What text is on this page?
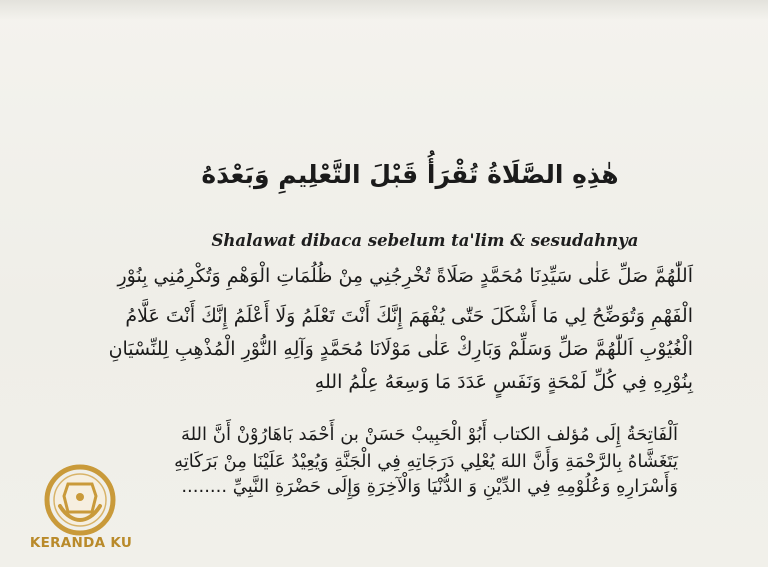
هٰذِهِ الصَّلَاةُ تُقْرَأُ قَبْلَ التَّعْلِيمِ وَبَعْدَهُ
Shalawat dibaca sebelum ta'lim & sesudahnya
اَللّٰهُمَّ صَلِّ عَلٰى سَيِّدِنَا مُحَمَّدٍ صَلَاةً تُخْرِجُنِي مِنْ ظُلُمَاتِ الْوَهْمِ وَتُكْرِمُنِي بِنُوْرِ
الْفَهْمِ وَتُوَضِّحُ لِي مَا أَشْكَلَ حَتّٰى يُفْهَمَ إِنَّكَ أَنْتَ تَعْلَمُ وَلَا أَعْلَمُ إِنَّكَ أَنْتَ عَلَّامُ
الْغُيُوْبِ اَللّٰهُمَّ صَلِّ وَسَلِّمْ وَبَارِكْ عَلٰى مَوْلَانَا مُحَمَّدٍ وَآلِهِ النُّوْرِ الْمُذْهِبِ لِلنِّسْيَانِ
بِنُوْرِهِ فِي كُلِّ لَمْحَةٍ وَنَفَسٍ عَدَدَ مَا وَسِعَهُ عِلْمُ اللهِ
اَلْفَاتِحَةُ إِلَى مُؤلف الكتاب أَبُوْ الْحَبِيبْ حَسَنْ بن أَحْمَد بَاهَارُوْنْ أَنَّ اللهَ
يَتَغَشَّاهُ بِالرَّحْمَةِ وَأَنَّ اللهَ يُعْلِي دَرَجَاتِهِ فِي الْجَنَّةِ وَيُعِيْدُ عَلَيْنَا مِنْ بَرَكَاتِهِ
وَأَسْرَارِهِ وَعُلُوْمِهِ فِي الدِّيْنِ وَ الدُّنْيَا وَالْآخِرَةِ وَإِلَى حَضْرَةِ النَّبِيِّ ........
KERANDA KU
